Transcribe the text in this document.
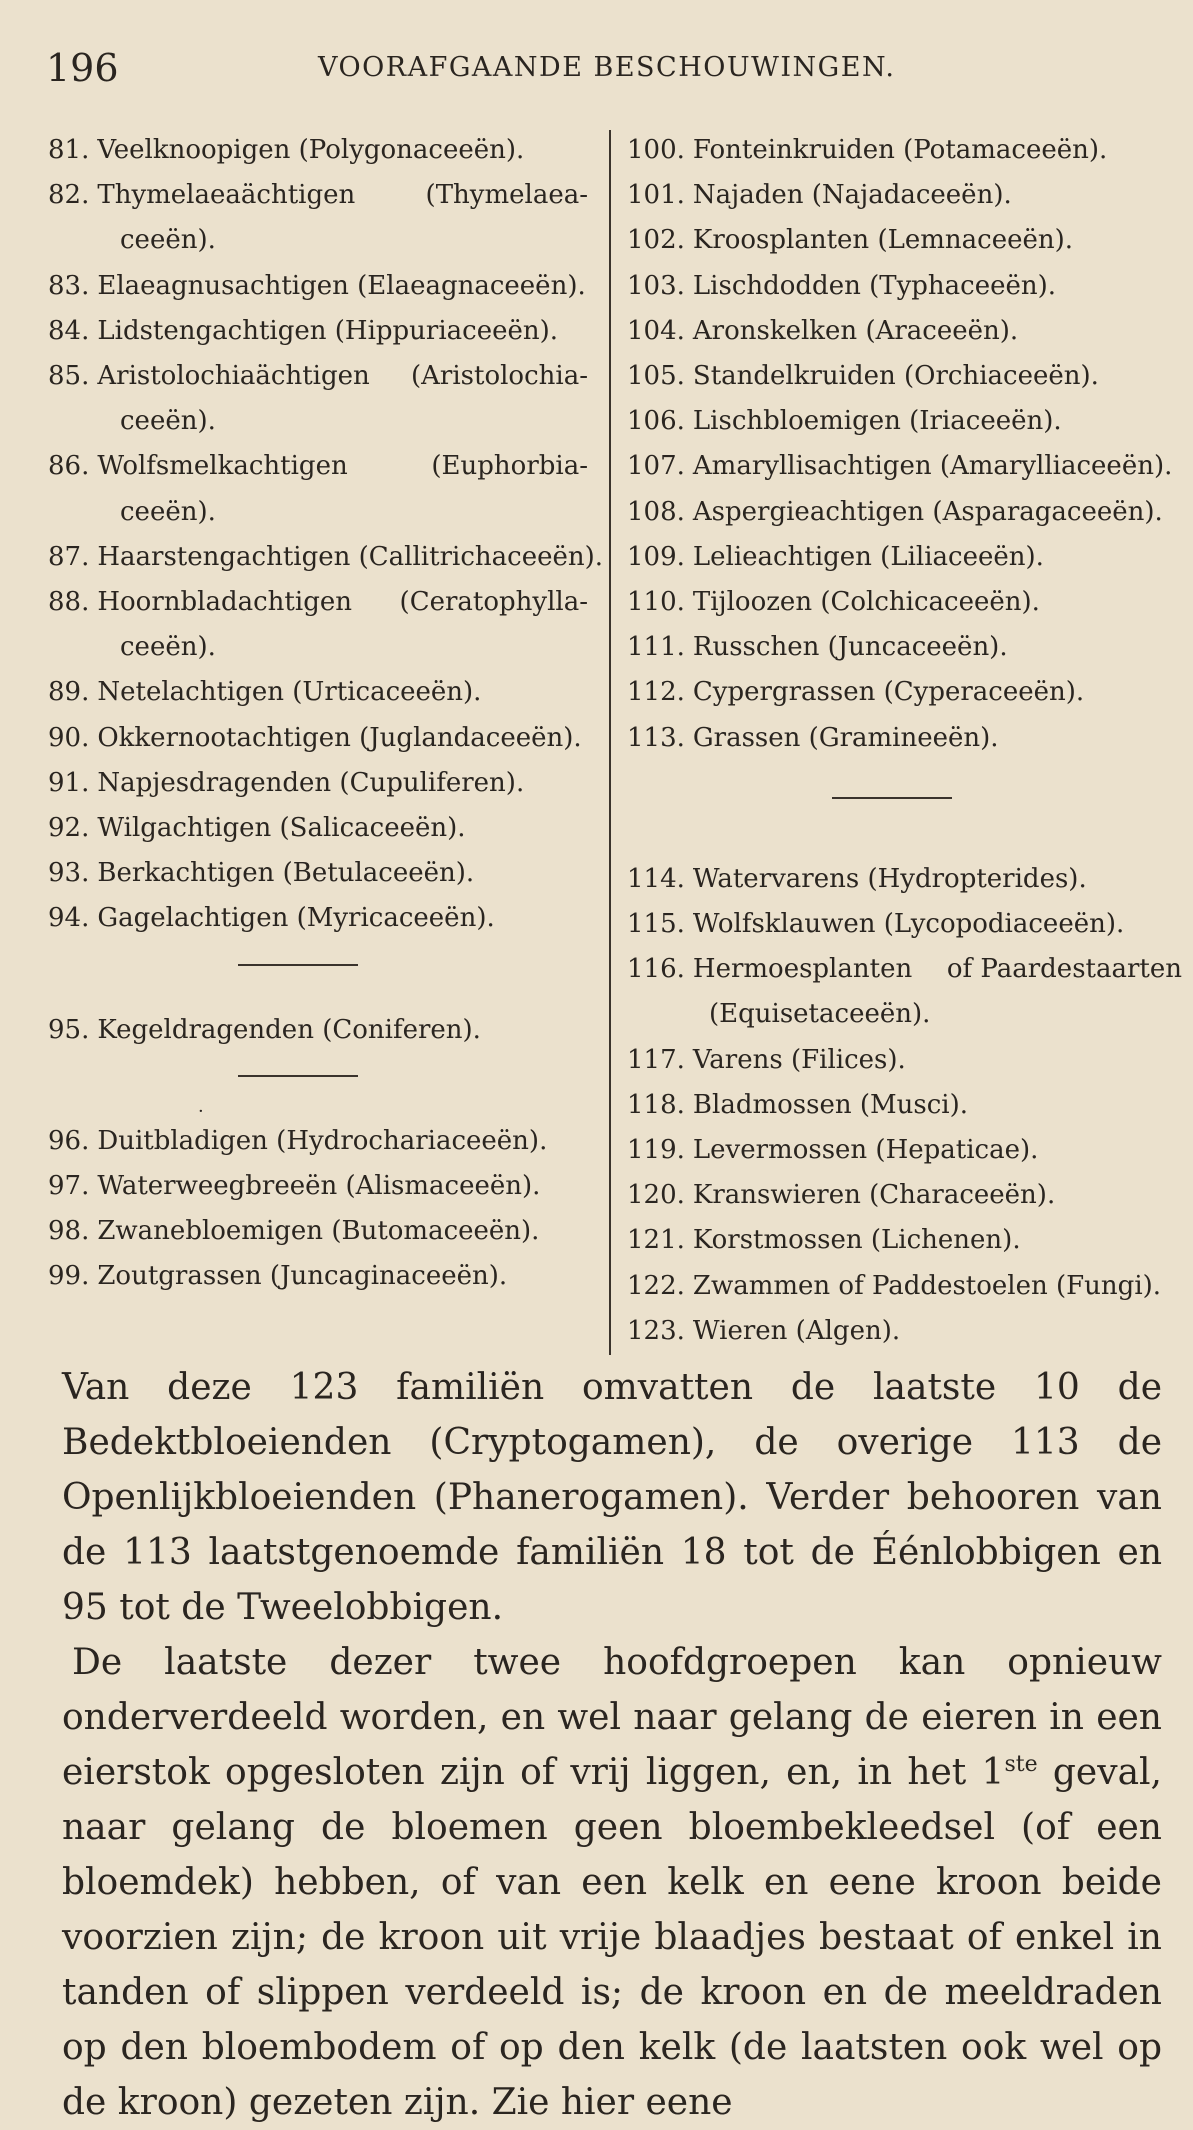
196	VOORAFGAANDE BESCHOUWINGEN.
81. Veelknoopigen (Polygonaceeën).
82. Thymelaeaächtigen	(Thymelaea-
ceeën).
83. Elaeagnusachtigen (Elaeagnaceeën).
84. Lidstengachtigen (Hippuriaceeën).
85. Aristolochiaächtigen (Aristolochia-
ceeën).
86. Wolfsmelkachtigen	(Euphorbia-
ceeën).
87. Haarstengachtigen (Callitrichaceeën).
88. Hoornbladachtigen (Ceratophylla-
ceeën).
89. Netelachtigen (Urticaceeën).
90. Okkernootachtigen (Juglandaceeën).
91. Napjesdragenden (Cupuliferen).
92. Wilgachtigen (Salicaceeën).
93. Berkachtigen (Betulaceeën).
94. Gagelachtigen (Myricaceeën).
95. Kegeldragenden (Coniferen).
·
96. Duitbladigen (Hydrochariaceeën).
97. Waterweegbreeën (Alismaceeën).
98. Zwanebloemigen (Butomaceeën).
99. Zoutgrassen (Juncaginaceeën).
100. Fonteinkruiden (Potamaceeën).
101. Najaden (Najadaceeën).
102. Kroosplanten (Lemnaceeën).
103. Lischdodden (Typhaceeën).
104. Aronskelken (Araceeën).
105. Standelkruiden (Orchiaceeën).
106. Lischbloemigen (Iriaceeën).
107. Amaryllisachtigen (Amarylliaceeën).
108. Aspergieachtigen (Asparagaceeën).
109. Lelieachtigen (Liliaceeën).
110. Tijloozen (Colchicaceeën).
111. Russchen (Juncaceeën).
112. Cypergrassen (Cyperaceeën).
113. Grassen (Gramineeën).
114. Watervarens (Hydropterides).
115. Wolfsklauwen (Lycopodiaceeën).
116. Hermoesplanten of Paardestaarten
(Equisetaceeën).
117. Varens (Filices).
118. Bladmossen (Musci).
119. Levermossen (Hepaticae).
120. Kranswieren (Characeeën).
121. Korstmossen (Lichenen).
122. Zwammen of Paddestoelen (Fungi).
123. Wieren (Algen).

Van deze 123 familiën omvatten de laatste 10 de Bedektbloeienden (Cryptogamen), de overige 113 de Openlijkbloeienden (Phanerogamen). Verder behooren van de 113 laatstgenoemde familiën 18 tot de Éénlobbigen en 95 tot de Tweelobbigen.

De laatste dezer twee hoofdgroepen kan opnieuw onderverdeeld worden, en wel naar gelang de eieren in een eierstok opgesloten zijn of vrij liggen, en, in het 1ste geval, naar gelang de bloemen geen bloembekleedsel (of een bloemdek) hebben, of van een kelk en eene kroon beide voorzien zijn; de kroon uit vrije blaadjes bestaat of enkel in tanden of slippen verdeeld is; de kroon en de meeldraden op den bloembodem of op den kelk (de laatsten ook wel op de kroon) gezeten zijn. Zie hier eene
